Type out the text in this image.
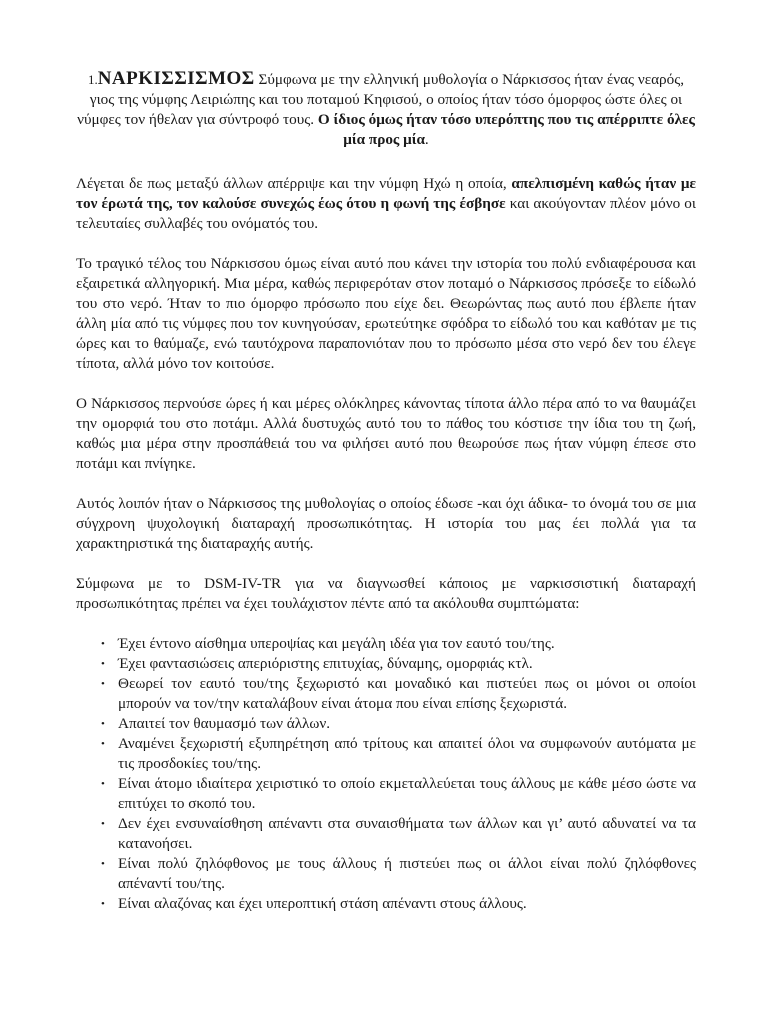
1.ΝΑΡΚΙΣΣΙΣΜΟΣ Σύμφωνα με την ελληνική μυθολογία ο Νάρκισσος ήταν ένας νεαρός, γιος της νύμφης Λειριώπης και του ποταμού Κηφισού, ο οποίος ήταν τόσο όμορφος ώστε όλες οι νύμφες τον ήθελαν για σύντροφό τους. Ο ίδιος όμως ήταν τόσο υπερόπτης που τις απέρριπτε όλες μία προς μία.

Λέγεται δε πως μεταξύ άλλων απέρριψε και την νύμφη Ηχώ η οποία, απελπισμένη καθώς ήταν με τον έρωτά της, τον καλούσε συνεχώς έως ότου η φωνή της έσβησε και ακούγονταν πλέον μόνο οι τελευταίες συλλαβές του ονόματός του.

Το τραγικό τέλος του Νάρκισσου όμως είναι αυτό που κάνει την ιστορία του πολύ ενδιαφέρουσα και εξαιρετικά αλληγορική. Μια μέρα, καθώς περιφερόταν στον ποταμό ο Νάρκισσος πρόσεξε το είδωλό του στο νερό. Ήταν το πιο όμορφο πρόσωπο που είχε δει. Θεωρώντας πως αυτό που έβλεπε ήταν άλλη μία από τις νύμφες που τον κυνηγούσαν, ερωτεύτηκε σφόδρα το είδωλό του και καθόταν με τις ώρες και το θαύμαζε, ενώ ταυτόχρονα παραπονιόταν που το πρόσωπο μέσα στο νερό δεν του έλεγε τίποτα, αλλά μόνο τον κοιτούσε.

Ο Νάρκισσος περνούσε ώρες ή και μέρες ολόκληρες κάνοντας τίποτα άλλο πέρα από το να θαυμάζει την ομορφιά του στο ποτάμι. Αλλά δυστυχώς αυτό του το πάθος του κόστισε την ίδια του τη ζωή, καθώς μια μέρα στην προσπάθειά του να φιλήσει αυτό που θεωρούσε πως ήταν νύμφη έπεσε στο ποτάμι και πνίγηκε.

Αυτός λοιπόν ήταν ο Νάρκισσος της μυθολογίας ο οποίος έδωσε -και όχι άδικα- το όνομά του σε μια σύγχρονη ψυχολογική διαταραχή προσωπικότητας. Η ιστορία του μας έει πολλά για τα χαρακτηριστικά της διαταραχής αυτής.

Σύμφωνα με το DSM-IV-TR για να διαγνωσθεί κάποιος με ναρκισσιστική διαταραχή προσωπικότητας πρέπει να έχει τουλάχιστον πέντε από τα ακόλουθα συμπτώματα:

• Έχει έντονο αίσθημα υπεροψίας και μεγάλη ιδέα για τον εαυτό του/της.
• Έχει φαντασιώσεις απεριόριστης επιτυχίας, δύναμης, ομορφιάς κτλ.
• Θεωρεί τον εαυτό του/της ξεχωριστό και μοναδικό και πιστεύει πως οι μόνοι οι οποίοι μπορούν να τον/την καταλάβουν είναι άτομα που είναι επίσης ξεχωριστά.
• Απαιτεί τον θαυμασμό των άλλων.
• Αναμένει ξεχωριστή εξυπηρέτηση από τρίτους και απαιτεί όλοι να συμφωνούν αυτόματα με τις προσδοκίες του/της.
• Είναι άτομο ιδιαίτερα χειριστικό το οποίο εκμεταλλεύεται τους άλλους με κάθε μέσο ώστε να επιτύχει το σκοπό του.
• Δεν έχει ενσυναίσθηση απέναντι στα συναισθήματα των άλλων και γι’ αυτό αδυνατεί να τα κατανοήσει.
• Είναι πολύ ζηλόφθονος με τους άλλους ή πιστεύει πως οι άλλοι είναι πολύ ζηλόφθονες απέναντί του/της.
• Είναι αλαζόνας και έχει υπεροπτική στάση απέναντι στους άλλους.
